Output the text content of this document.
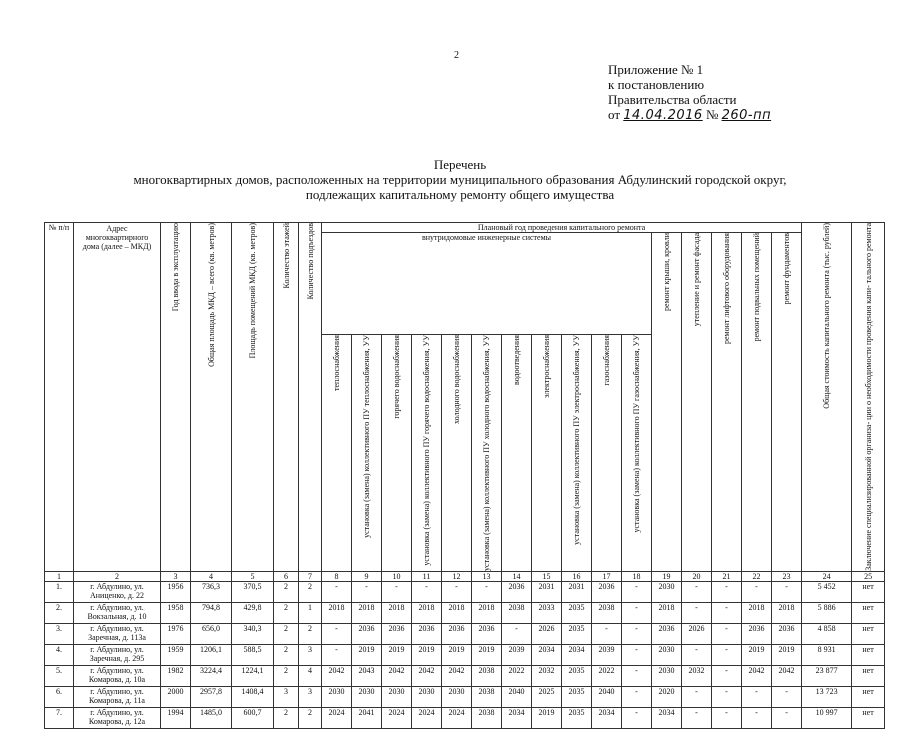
2
Приложение № 1
к постановлению
Правительства области
от 14.04.2016 № 260-пп
Перечень
многоквартирных домов, расположенных на территории муниципального образования Абдулинский городской округ,
подлежащих капитальному ремонту общего имущества
№ п/п	Адрес многоквартирного дома (далее – МКД)	Год ввода в эксплуатацию	Общая площадь МКД – всего (кв. метров)	Площадь помещений МКД (кв. метров)	Количество этажей	Количество подъездов	Плановый год проведения капитального ремонта																Общая стоимость капитального ремонта (тыс. рублей)	Заключение специализированной организа- ции о необходимости проведения капи- тального ремонта

							внутридомовые инженерные системы											ремонт крыши, кровли	утепление и ремонт фасада	ремонт лифтового оборудования	ремонт подвальных помещений	ремонт фундаментов		

							теплоснабжения	установка (замена) коллективного ПУ теплоснабжения, УУ	горячего водоснабжения	установка (замена) коллективного ПУ горячего водоснабжения, УУ	холодного водоснабжения	установка (замена) коллективного ПУ холодного водоснабжения, УУ	водоотведения	электроснабжения	установка (замена) коллективного ПУ электроснабжения, УУ	газоснабжения	установка (замена) коллективного ПУ газоснабжения, УУ							

1	2	3	4	5	6	7	8	9	10	11	12	13	14	15	16	17	18	19	20	21	22	23	24	25
1.	г. Абдулино, ул. Аниценко, д. 22	1956	736,3	370,5	2	2	-	-	-	-	-	-	2036	2031	2031	2036	-	2030	-	-	-	-	5 452	нет
2.	г. Абдулино, ул. Вокзальная, д. 10	1958	794,8	429,8	2	1	2018	2018	2018	2018	2018	2018	2038	2033	2035	2038	-	2018	-	-	2018	2018	5 886	нет
3.	г. Абдулино, ул. Заречная, д. 113а	1976	656,0	340,3	2	2	-	2036	2036	2036	2036	2036	-	2026	2035	-	-	2036	2026	-	2036	2036	4 858	нет
4.	г. Абдулино, ул. Заречная, д. 295	1959	1206,1	588,5	2	3	-	2019	2019	2019	2019	2019	2039	2034	2034	2039	-	2030	-	-	2019	2019	8 931	нет
5.	г. Абдулино, ул. Комарова, д. 10а	1982	3224,4	1224,1	2	4	2042	2043	2042	2042	2042	2038	2022	2032	2035	2022	-	2030	2032	-	2042	2042	23 877	нет
6.	г. Абдулино, ул. Комарова, д. 11а	2000	2957,8	1408,4	3	3	2030	2030	2030	2030	2030	2038	2040	2025	2035	2040	-	2020	-	-	-	-	13 723	нет
7.	г. Абдулино, ул. Комарова, д. 12а	1994	1485,0	600,7	2	2	2024	2041	2024	2024	2024	2038	2034	2019	2035	2034	-	2034	-	-	-	-	10 997	нет
